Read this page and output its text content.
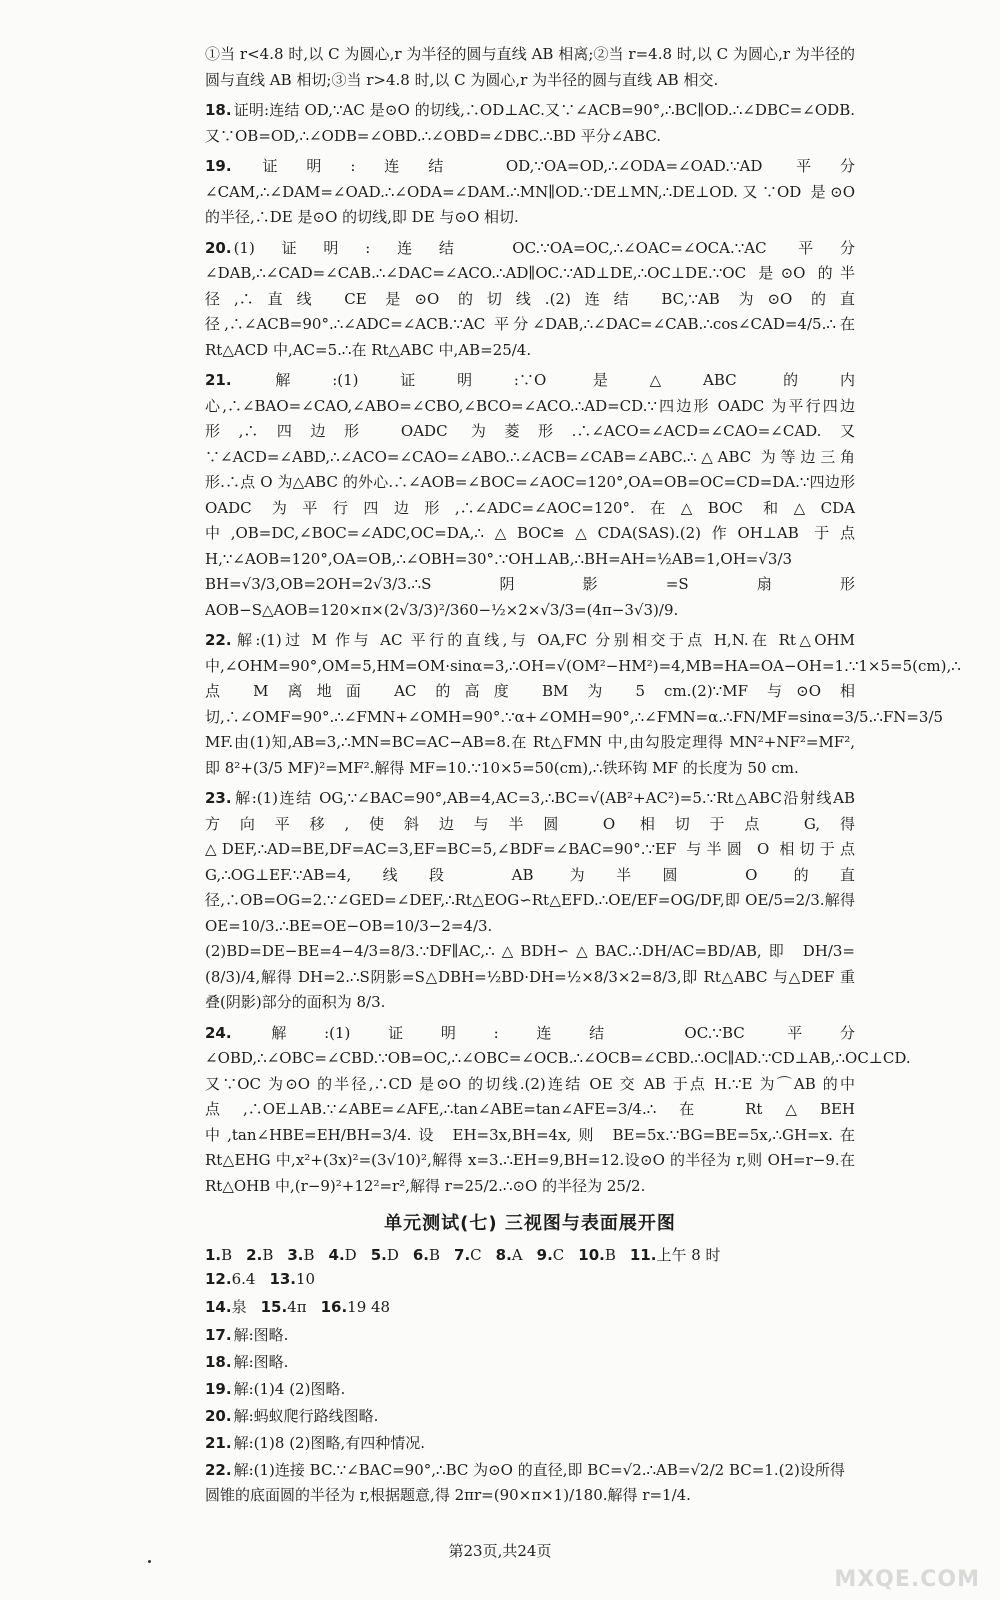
①当 r<4.8 时,以 C 为圆心,r 为半径的圆与直线 AB 相离;②当 r=4.8 时,以 C 为圆心,r 为半径的圆与直线 AB 相切;③当 r>4.8 时,以 C 为圆心,r 为半径的圆与直线 AB 相交.
18. 证明:连结 OD,∵AC 是⊙O 的切线,∴OD⊥AC.又∵∠ACB=90°,∴BC∥OD.∴∠DBC=∠ODB.又∵OB=OD,∴∠ODB=∠OBD.∴∠OBD=∠DBC.∴BD 平分∠ABC.
19. 证明:连结 OD,∵OA=OD,∴∠ODA=∠OAD.∵AD 平分∠CAM,∴∠DAM=∠OAD.∴∠ODA=∠DAM.∴MN∥OD.∵DE⊥MN,∴DE⊥OD.又∵OD 是⊙O 的半径,∴DE 是⊙O 的切线,即 DE 与⊙O 相切.
20. (1)证明:连结 OC.∵OA=OC,∴∠OAC=∠OCA.∵AC 平分∠DAB,∴∠CAD=∠CAB.∴∠DAC=∠ACO.∴AD∥OC.∵AD⊥DE,∴OC⊥DE.∵OC 是⊙O 的半径,∴直线 CE 是⊙O 的切线.(2)连结 BC,∵AB 为⊙O 的直径,∴∠ACB=90°.∴∠ADC=∠ACB.∵AC 平分∠DAB,∴∠DAC=∠CAB.∴cos∠CAD=4/5.∴在 Rt△ACD 中,AC=5.∴在 Rt△ABC 中,AB=25/4.
21. 解:(1)证明:∵O 是△ABC 的内心,∴∠BAO=∠CAO,∠ABO=∠CBO,∠BCO=∠ACO.∴AD=CD.∵四边形 OADC 为平行四边形,∴四边形 OADC 为菱形.∴∠ACO=∠ACD=∠CAO=∠CAD.又∵∠ACD=∠ABD,∴∠ACO=∠CAO=∠ABO.∴∠ACB=∠CAB=∠ABC.∴△ABC 为等边三角形.∴点 O 为△ABC 的外心.∴∠AOB=∠BOC=∠AOC=120°,OA=OB=OC=CD=DA.∵四边形 OADC 为平行四边形,∴∠ADC=∠AOC=120°.在△BOC 和△CDA 中,OB=DC,∠BOC=∠ADC,OC=DA,∴△BOC≌△CDA(SAS).(2)作OH⊥AB 于点 H,∵∠AOB=120°,OA=OB,∴∠OBH=30°.∵OH⊥AB,∴BH=AH=½AB=1,OH=√3/3 BH=√3/3,OB=2OH=2√3/3.∴S阴影=S扇形AOB−S△AOB=120×π×(2√3/3)²/360−½×2×√3/3=(4π−3√3)/9.
22. 解:(1)过 M 作与 AC 平行的直线,与 OA,FC 分别相交于点 H,N.在 Rt△OHM 中,∠OHM=90°,OM=5,HM=OM·sinα=3,∴OH=√(OM²−HM²)=4,MB=HA=OA−OH=1.∵1×5=5(cm),∴点 M 离地面 AC 的高度 BM 为 5 cm.(2)∵MF 与⊙O 相切,∴∠OMF=90°.∴∠FMN+∠OMH=90°.∵α+∠OMH=90°,∴∠FMN=α.∴FN/MF=sinα=3/5.∴FN=3/5 MF.由(1)知,AB=3,∴MN=BC=AC−AB=8.在 Rt△FMN 中,由勾股定理得 MN²+NF²=MF²,即 8²+(3/5 MF)²=MF².解得 MF=10.∵10×5=50(cm),∴铁环钩 MF 的长度为 50 cm.
23. 解:(1)连结 OG,∵∠BAC=90°,AB=4,AC=3,∴BC=√(AB²+AC²)=5.∵Rt△ABC沿射线AB 方向平移,使斜边与半圆 O 相切于点 G,得△DEF,∴AD=BE,DF=AC=3,EF=BC=5,∠BDF=∠BAC=90°.∵EF 与半圆 O 相切于点 G,∴OG⊥EF.∵AB=4,线段 AB 为半圆 O 的直径,∴OB=OG=2.∵∠GED=∠DEF,∴Rt△EOG∽Rt△EFD.∴OE/EF=OG/DF,即 OE/5=2/3.解得 OE=10/3.∴BE=OE−OB=10/3−2=4/3.(2)BD=DE−BE=4−4/3=8/3.∵DF∥AC,∴△BDH∽△BAC.∴DH/AC=BD/AB,即 DH/3=(8/3)/4,解得 DH=2.∴S阴影=S△DBH=½BD·DH=½×8/3×2=8/3,即 Rt△ABC 与△DEF 重叠(阴影)部分的面积为 8/3.
24. 解:(1)证明:连结 OC.∵BC 平分∠OBD,∴∠OBC=∠CBD.∵OB=OC,∴∠OBC=∠OCB.∴∠OCB=∠CBD.∴OC∥AD.∵CD⊥AB,∴OC⊥CD.又∵OC 为⊙O 的半径,∴CD 是⊙O 的切线.(2)连结 OE 交 AB 于点 H.∵E 为⌒AB 的中点,∴OE⊥AB.∵∠ABE=∠AFE,∴tan∠ABE=tan∠AFE=3/4.∴在 Rt△BEH 中,tan∠HBE=EH/BH=3/4.设 EH=3x,BH=4x,则 BE=5x.∵BG=BE=5x,∴GH=x.在 Rt△EHG 中,x²+(3x)²=(3√10)²,解得 x=3.∴EH=9,BH=12.设⊙O 的半径为 r,则 OH=r−9.在 Rt△OHB 中,(r−9)²+12²=r²,解得 r=25/2.∴⊙O 的半径为 25/2.
单元测试(七) 三视图与表面展开图
1.B 2.B 3.B 4.D 5.D 6.B 7.C 8.A 9.C 10.B 11.上午 8 时12.6.4 13.10
14.泉 15.4π 16.19 48
17. 解:图略.
18. 解:图略.
19. 解:(1)4 (2)图略.
20. 解:蚂蚁爬行路线图略.
21. 解:(1)8 (2)图略,有四种情况.
22. 解:(1)连接 BC.∵∠BAC=90°,∴BC 为⊙O 的直径,即 BC=√2.∴AB=√2/2 BC=1.(2)设所得圆锥的底面圆的半径为 r,根据题意,得 2πr=(90×π×1)/180.解得 r=1/4.
第23页,共24页
MXQE.COM
